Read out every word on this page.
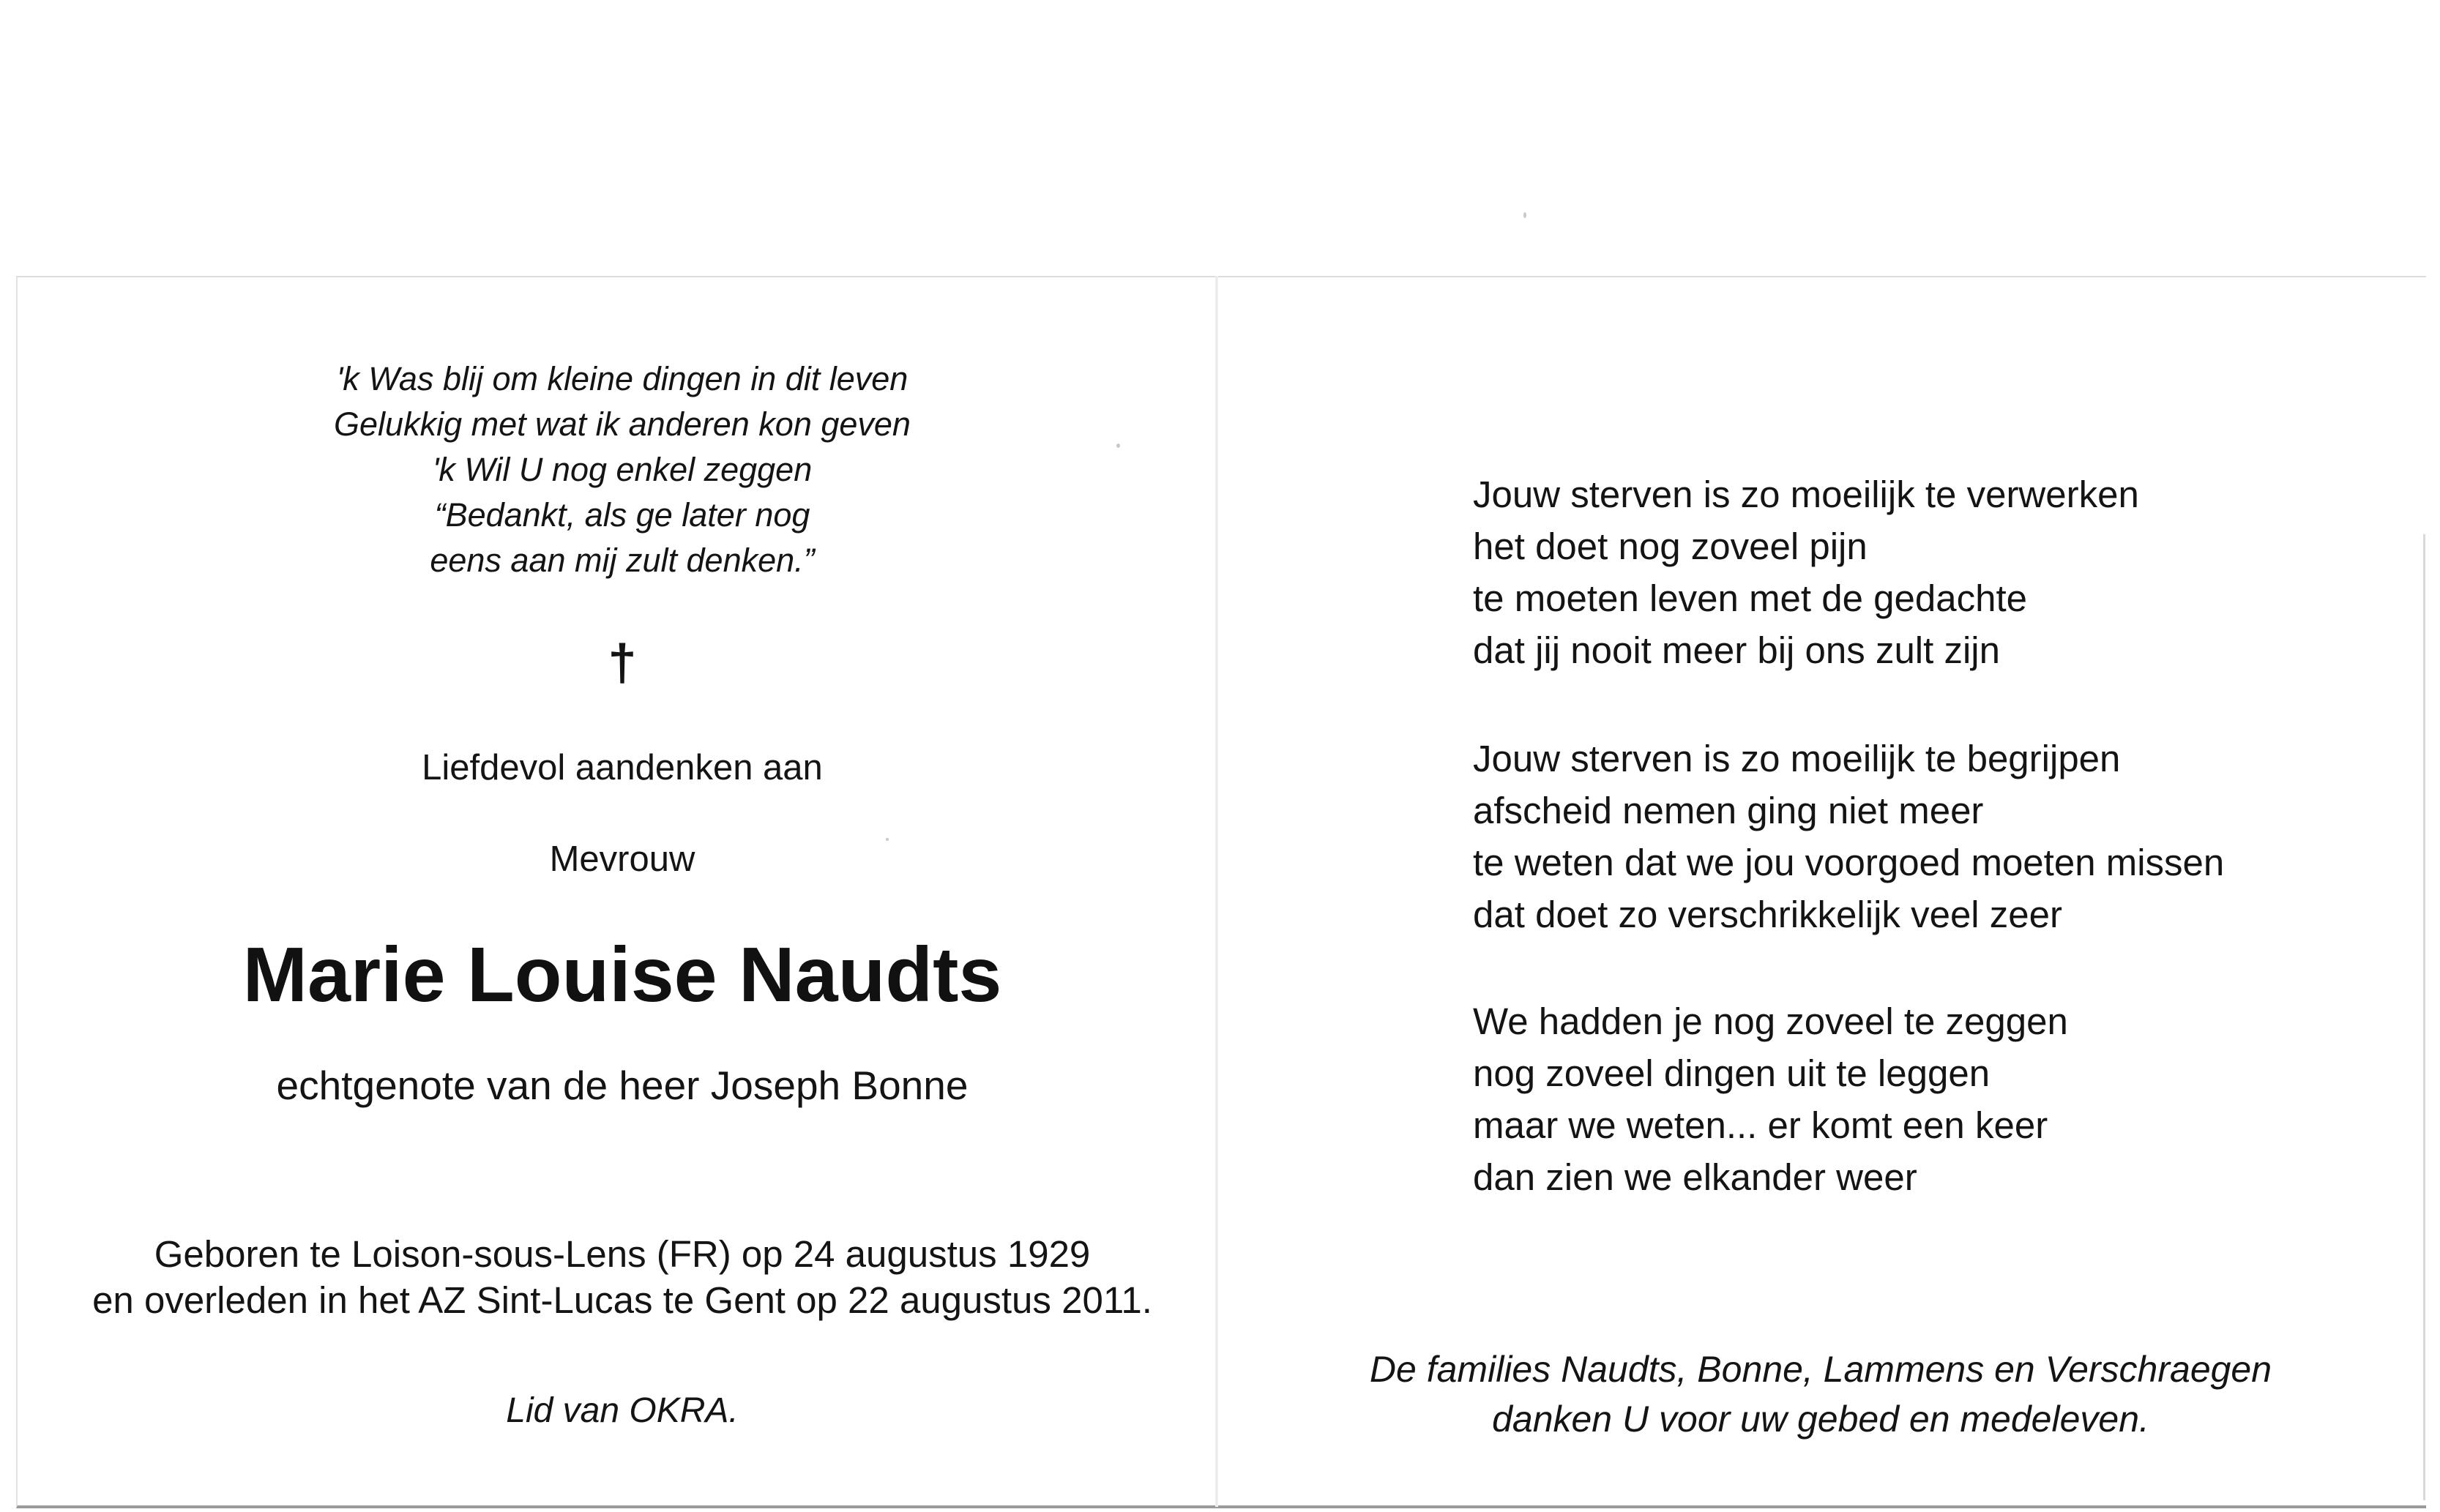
'k Was blij om kleine dingen in dit leven
Gelukkig met wat ik anderen kon geven
'k Wil U nog enkel zeggen
“Bedankt, als ge later nog
eens aan mij zult denken.”
†
Liefdevol aandenken aan
Mevrouw
Marie Louise Naudts
echtgenote van de heer Joseph Bonne
Geboren te Loison-sous-Lens (FR) op 24 augustus 1929
en overleden in het AZ Sint-Lucas te Gent op 22 augustus 2011.
Lid van OKRA.
Jouw sterven is zo moeilijk te verwerken
het doet nog zoveel pijn
te moeten leven met de gedachte
dat jij nooit meer bij ons zult zijn
Jouw sterven is zo moeilijk te begrijpen
afscheid nemen ging niet meer
te weten dat we jou voorgoed moeten missen
dat doet zo verschrikkelijk veel zeer
We hadden je nog zoveel te zeggen
nog zoveel dingen uit te leggen
maar we weten... er komt een keer
dan zien we elkander weer
De families Naudts, Bonne, Lammens en Verschraegen
danken U voor uw gebed en medeleven.
